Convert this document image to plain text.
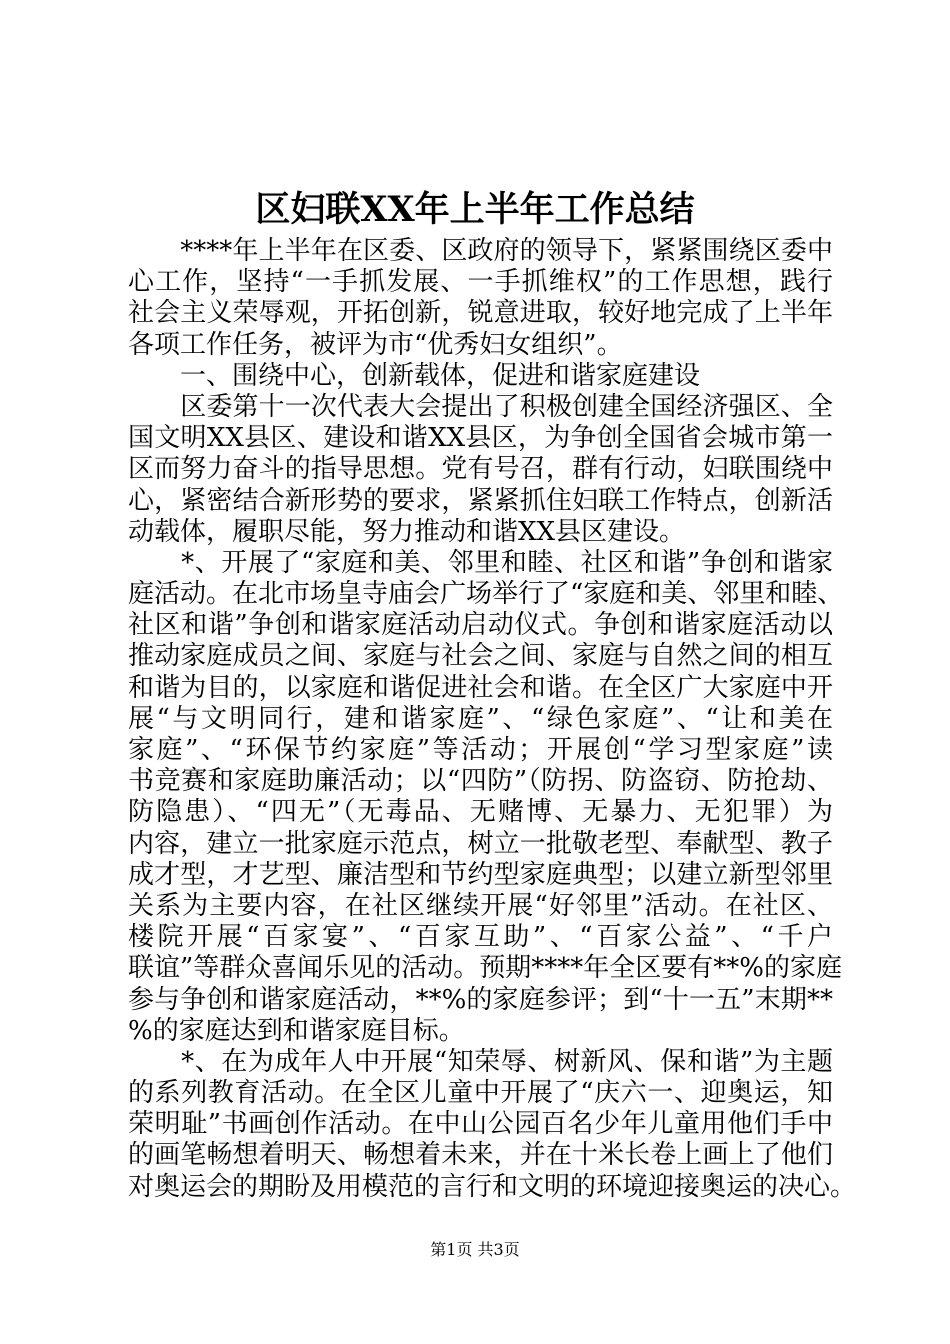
区妇联XX年上半年工作总结
　　****年上半年在区委、区政府的领导下，紧紧围绕区委中
心工作，坚持“一手抓发展、一手抓维权”的工作思想，践行
社会主义荣辱观，开拓创新，锐意进取，较好地完成了上半年
各项工作任务，被评为市“优秀妇女组织”。
　　一、围绕中心，创新载体，促进和谐家庭建设
　　区委第十一次代表大会提出了积极创建全国经济强区、全
国文明XX县区、建设和谐XX县区，为争创全国省会城市第一
区而努力奋斗的指导思想。党有号召，群有行动，妇联围绕中
心，紧密结合新形势的要求，紧紧抓住妇联工作特点，创新活
动载体，履职尽能，努力推动和谐XX县区建设。
　　*、开展了“家庭和美、邻里和睦、社区和谐”争创和谐家
庭活动。在北市场皇寺庙会广场举行了“家庭和美、邻里和睦、
社区和谐”争创和谐家庭活动启动仪式。争创和谐家庭活动以
推动家庭成员之间、家庭与社会之间、家庭与自然之间的相互
和谐为目的，以家庭和谐促进社会和谐。在全区广大家庭中开
展“与文明同行，建和谐家庭”、“绿色家庭”、“让和美在
家庭”、“环保节约家庭”等活动；开展创“学习型家庭”读
书竞赛和家庭助廉活动；以“四防”（防拐、防盗窃、防抢劫、
防隐患）、“四无”（无毒品、无赌博、无暴力、无犯罪）为
内容，建立一批家庭示范点，树立一批敬老型、奉献型、教子
成才型，才艺型、廉洁型和节约型家庭典型；以建立新型邻里
关系为主要内容，在社区继续开展“好邻里”活动。在社区、
楼院开展“百家宴”、“百家互助”、“百家公益”、“千户
联谊”等群众喜闻乐见的活动。预期****年全区要有**%的家庭
参与争创和谐家庭活动，**%的家庭参评；到“十一五”末期**
%的家庭达到和谐家庭目标。
　　*、在为成年人中开展“知荣辱、树新风、保和谐”为主题
的系列教育活动。在全区儿童中开展了“庆六一、迎奥运，知
荣明耻”书画创作活动。在中山公园百名少年儿童用他们手中
的画笔畅想着明天、畅想着未来，并在十米长卷上画上了他们
对奥运会的期盼及用模范的言行和文明的环境迎接奥运的决心。
第1页 共3页
